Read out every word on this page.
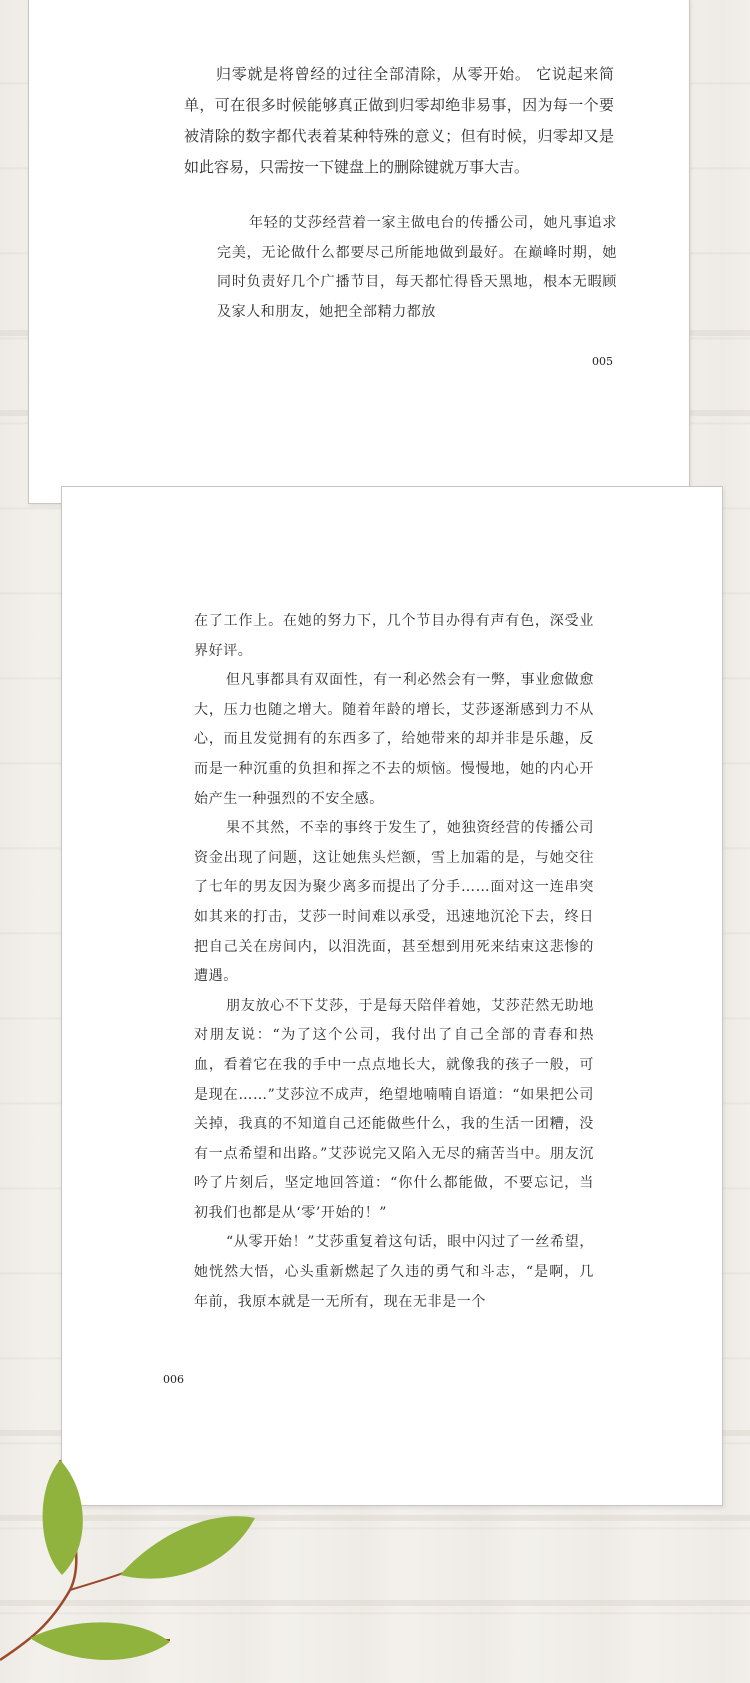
归零就是将曾经的过往全部清除，从零开始。 它说起来简单，可在很多时候能够真正做到归零却绝非易事，因为每一个要被清除的数字都代表着某种特殊的意义；但有时候，归零却又是如此容易，只需按一下键盘上的删除键就万事大吉。

年轻的艾莎经营着一家主做电台的传播公司，她凡事追求完美，无论做什么都要尽己所能地做到最好。在巅峰时期，她同时负责好几个广播节目，每天都忙得昏天黑地，根本无暇顾及家人和朋友，她把全部精力都放

005

在了工作上。在她的努力下，几个节目办得有声有色，深受业界好评。

但凡事都具有双面性，有一利必然会有一弊，事业愈做愈大，压力也随之增大。随着年龄的增长，艾莎逐渐感到力不从心，而且发觉拥有的东西多了，给她带来的却并非是乐趣，反而是一种沉重的负担和挥之不去的烦恼。慢慢地，她的内心开始产生一种强烈的不安全感。

果不其然，不幸的事终于发生了，她独资经营的传播公司资金出现了问题，这让她焦头烂额，雪上加霜的是，与她交往了七年的男友因为聚少离多而提出了分手……面对这一连串突如其来的打击，艾莎一时间难以承受，迅速地沉沦下去，终日把自己关在房间内，以泪洗面，甚至想到用死来结束这悲惨的遭遇。

朋友放心不下艾莎，于是每天陪伴着她，艾莎茫然无助地对朋友说：“为了这个公司，我付出了自己全部的青春和热血，看着它在我的手中一点点地长大，就像我的孩子一般，可是现在……”艾莎泣不成声，绝望地喃喃自语道：“如果把公司关掉，我真的不知道自己还能做些什么，我的生活一团糟，没有一点希望和出路。”艾莎说完又陷入无尽的痛苦当中。朋友沉吟了片刻后，坚定地回答道：“你什么都能做，不要忘记，当初我们也都是从‘零’开始的！”

“从零开始！”艾莎重复着这句话，眼中闪过了一丝希望，她恍然大悟，心头重新燃起了久违的勇气和斗志，“是啊，几年前，我原本就是一无所有，现在无非是一个

006
